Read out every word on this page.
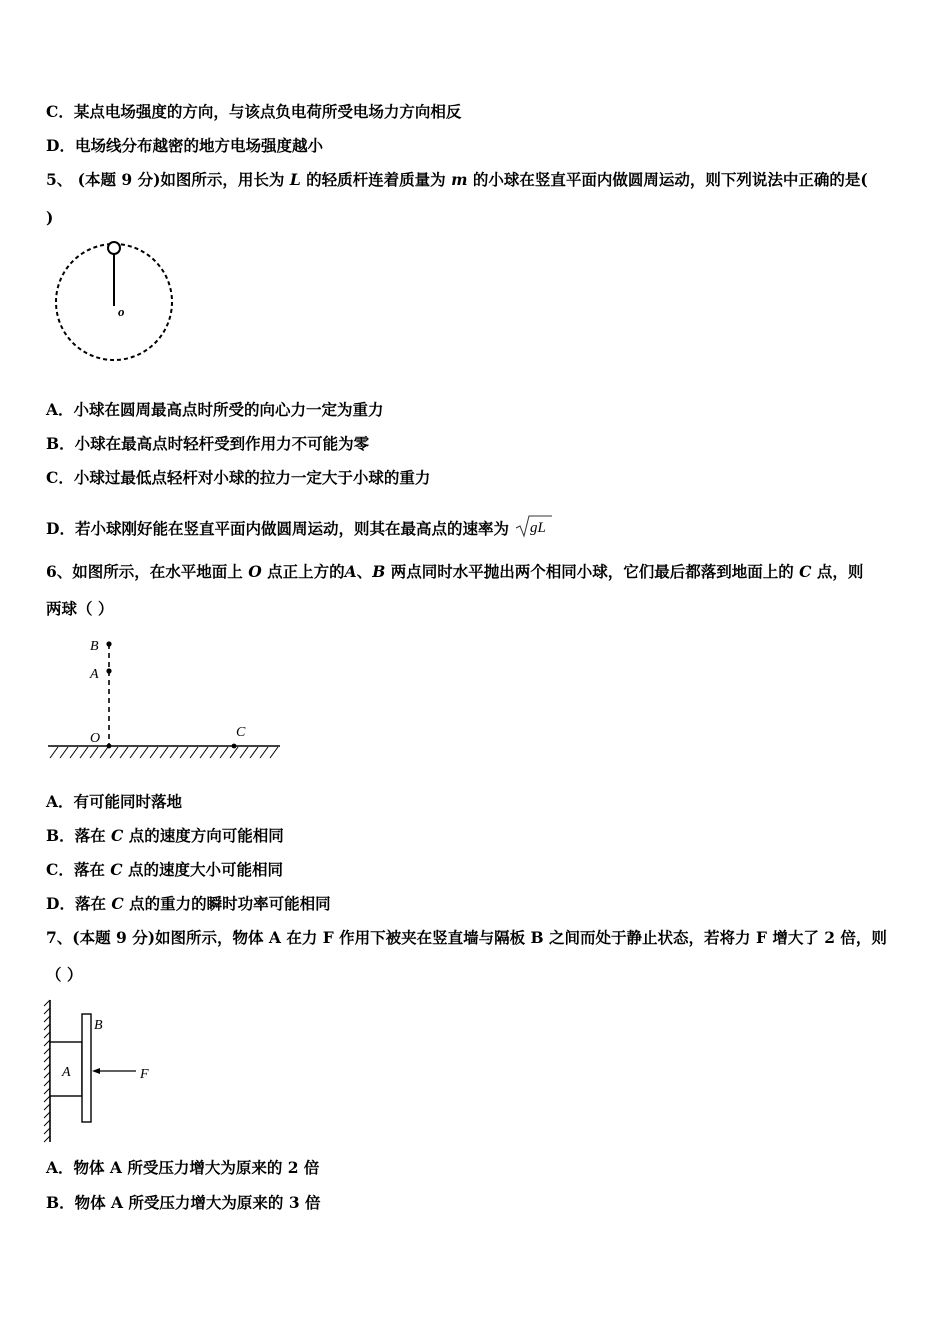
C．某点电场强度的方向，与该点负电荷所受电场力方向相反
D．电场线分布越密的地方电场强度越小
5、 (本题 9 分)如图所示，用长为 L 的轻质杆连着质量为 m 的小球在竖直平面内做圆周运动，则下列说法中正确的是(
)
o
A．小球在圆周最高点时所受的向心力一定为重力
B．小球在最高点时轻杆受到作用力不可能为零
C．小球过最低点轻杆对小球的拉力一定大于小球的重力
D．若小球刚好能在竖直平面内做圆周运动，则其在最高点的速率为 gL
6、如图所示，在水平地面上 O 点正上方的A、B 两点同时水平抛出两个相同小球，它们最后都落到地面上的 C 点，则
两球（ ）
B
A
O	C
A．有可能同时落地
B．落在 C 点的速度方向可能相同
C．落在 C 点的速度大小可能相同
D．落在 C 点的重力的瞬时功率可能相同
7、(本题 9 分)如图所示，物体 A 在力 F 作用下被夹在竖直墙与隔板 B 之间而处于静止状态，若将力 F 增大了 2 倍，则
（ ）
A
B
F
A．物体 A 所受压力增大为原来的 2 倍
B．物体 A 所受压力增大为原来的 3 倍
